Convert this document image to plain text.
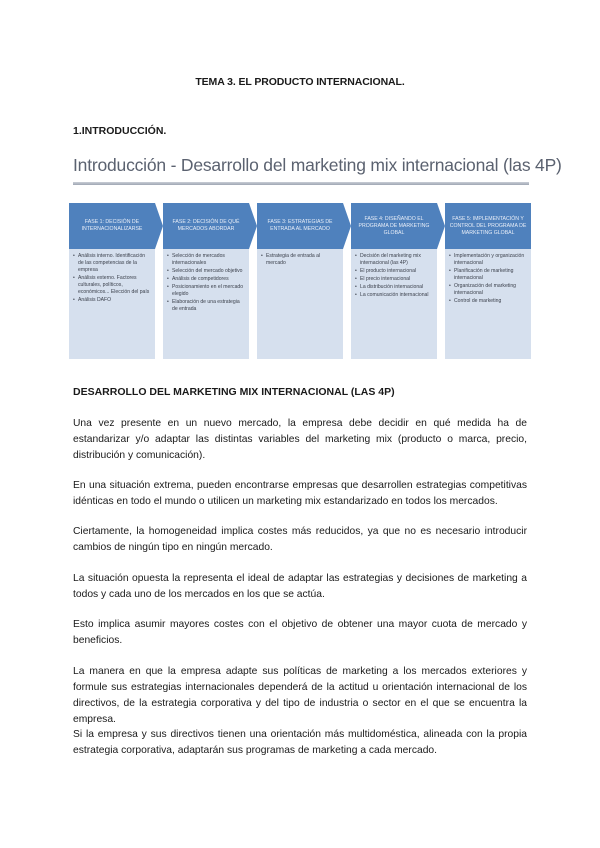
TEMA 3. EL PRODUCTO INTERNACIONAL.
1.INTRODUCCIÓN.
Introducción - Desarrollo del marketing mix internacional (las 4P)
FASE 1: DECISIÓN DE INTERNACIONALIZARSE
• Análisis interno. Identificación de las competencias de la empresa
• Análisis externo. Factores culturales, políticos, económicos... Elección del país
• Análisis DAFO
FASE 2: DECISIÓN DE QUÉ MERCADOS ABORDAR
• Selección de mercados internacionales
• Selección del mercado objetivo
• Análisis de competidores
• Posicionamiento en el mercado elegido
• Elaboración de una estrategia de entrada
FASE 3: ESTRATEGIAS DE ENTRADA AL MERCADO
• Estrategia de entrada al mercado
FASE 4: DISEÑANDO EL PROGRAMA DE MARKETING GLOBAL
• Decisión del marketing mix internacional (las 4P)
• El producto internacional
• El precio internacional
• La distribución internacional
• La comunicación internacional
FASE 5: IMPLEMENTACIÓN Y CONTROL DEL PROGRAMA DE MARKETING GLOBAL
• Implementación y organización internacional
• Planificación de marketing internacional
• Organización del marketing internacional
• Control de marketing
DESARROLLO DEL MARKETING MIX INTERNACIONAL (LAS 4P)

Una vez presente en un nuevo mercado, la empresa debe decidir en qué medida ha de estandarizar y/o adaptar las distintas variables del marketing mix (producto o marca, precio, distribución y comunicación).

En una situación extrema, pueden encontrarse empresas que desarrollen estrategias competitivas idénticas en todo el mundo o utilicen un marketing mix estandarizado en todos los mercados.

Ciertamente, la homogeneidad implica costes más reducidos, ya que no es necesario introducir cambios de ningún tipo en ningún mercado.

La situación opuesta la representa el ideal de adaptar las estrategias y decisiones de marketing a todos y cada uno de los mercados en los que se actúa.

Esto implica asumir mayores costes con el objetivo de obtener una mayor cuota de mercado y beneficios.

La manera en que la empresa adapte sus políticas de marketing a los mercados exteriores y formule sus estrategias internacionales dependerá de la actitud u orientación internacional de los directivos, de la estrategia corporativa y del tipo de industria o sector en el que se encuentra la empresa.

Si la empresa y sus directivos tienen una orientación más multidoméstica, alineada con la propia estrategia corporativa, adaptarán sus programas de marketing a cada mercado.
